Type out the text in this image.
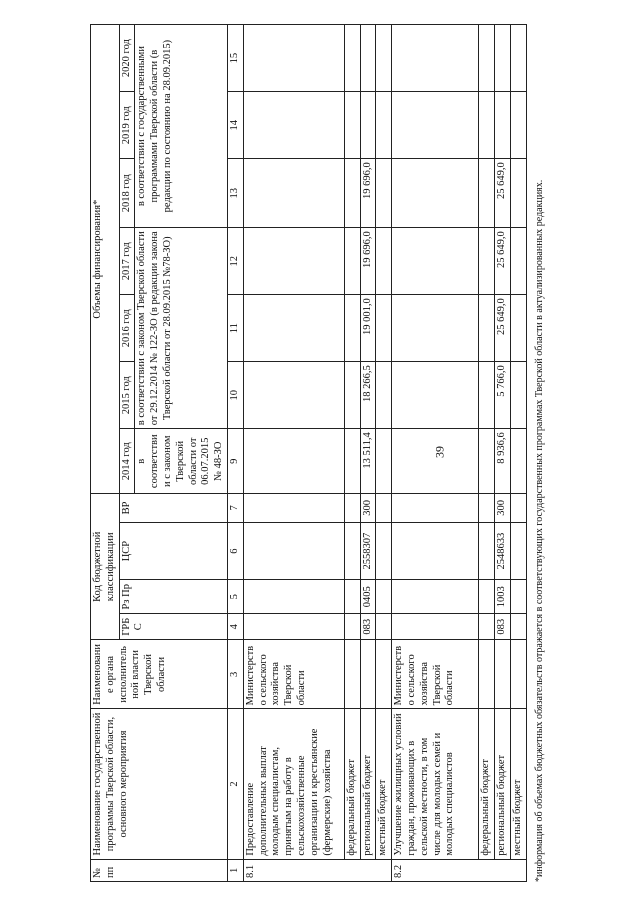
39
№ пп	Наименование государственной программы Тверской области, основного мероприятия	Наименование органа исполнительной власти Тверской области	Код бюджетной классификации				Объемы финансирования*						
			ГРБС	Рз Пр	ЦСР	ВР	2014 год	2015 год	2016 год	2017 год	2018 год	2019 год	2020 год
							в соответствии с законом Тверской области от 06.07.2015 № 48-ЗО	в соответствии с законом Тверской области от 29.12.2014 № 122-ЗО (в редакции закона Тверской области от 28.09.2015 №78-ЗО)			в соответствии с государственными программами Тверской области (в редакции по состоянию на 28.09.2015)		
1	2	3	4	5	6	7	9	10	11	12	13	14	15
8.1	Предоставление дополнительных выплат молодым специалистам, принятым на работу в сельскохозяйственные организации и крестьянские (фермерские) хозяйства	Министерство сельского хозяйства Тверской области											
	федеральный бюджет												
	региональный бюджет		083	0405	2558307	300	13 511,4	18 266,5	19 001,0	19 696,0	19 696,0		
	местный бюджет												
8.2	Улучшение жилищных условий граждан, проживающих в сельской местности, в том числе для молодых семей и молодых специалистов	Министерство сельского хозяйства Тверской области											
	федеральный бюджет												
	региональный бюджет		083	1003	2548633	300	8 936,6	5 766,0	25 649,0	25 649,0	25 649,0		
	местный бюджет												*информация об объемах бюджетных обязательств отражается в соответствующих государственных программах Тверской области в актуализированных редакциях.
